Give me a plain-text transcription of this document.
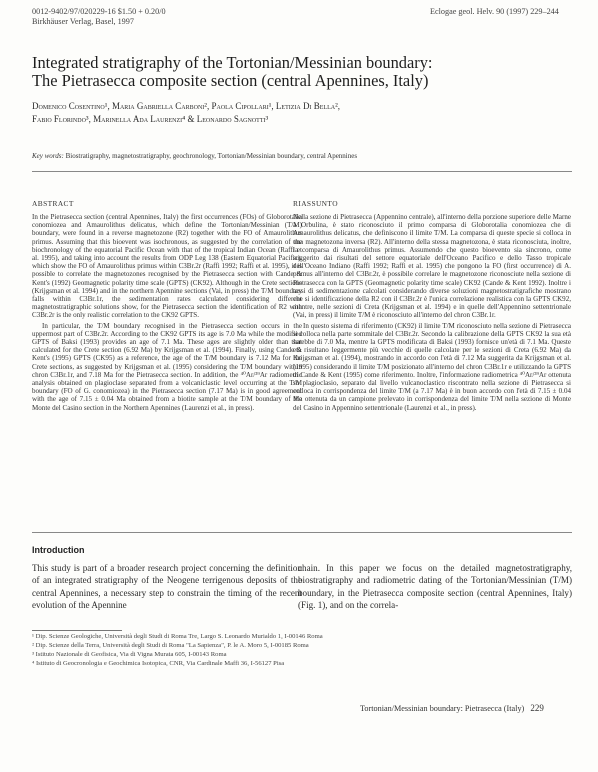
0012-9402/97/020229-16 $1.50 + 0.20/0
Birkhäuser Verlag, Basel, 1997
Eclogae geol. Helv. 90 (1997) 229–244
Integrated stratigraphy of the Tortonian/Messinian boundary:
The Pietrasecca composite section (central Apennines, Italy)
Domenico Cosentino¹, Maria Gabriella Carboni², Paola Cipollari¹, Letizia Di Bella²,
Fabio Florindo³, Marinella Ada Laurenzi⁴ & Leonardo Sagnotti³
Key words: Biostratigraphy, magnetostratigraphy, geochronology, Tortonian/Messinian boundary, central Apennines
ABSTRACT	RIASSUNTO

In the Pietrasecca section (central Apennines, Italy) the first occurrences (FOs) of Globorotalia conomiozea and Amaurolithus delicatus, which define the Tortonian/Messinian (T/M) boundary, were found in a reverse magnetozone (R2) together with the FO of Amaurolithus primus. Assuming that this bioevent was isochronous, as suggested by the correlation of the biochronology of the equatorial Pacific Ocean with that of the tropical Indian Ocean (Raffi et al. 1995), and taking into account the results from ODP Leg 138 (Eastern Equatorial Pacific), which show the FO of Amaurolithus primus within C3Br.2r (Raffi 1992; Raffi et al. 1995), it is possible to correlate the magnetozones recognised by the Pietrasecca section with Cande & Kent's (1992) Geomagnetic polarity time scale (GPTS) (CK92). Although in the Crete sections (Krijgsman et al. 1994) and in the northern Apennine sections (Vai, in press) the T/M boundary falls within C3Br.1r, the sedimentation rates calculated considering different magnetostratigraphic solutions show, for the Pietrasecca section the identification of R2 with C3Br.2r is the only realistic correlation to the CK92 GPTS.

In particular, the T/M boundary recognised in the Pietrasecca section occurs in the uppermost part of C3Br.2r. According to the CK92 GPTS its age is 7.0 Ma while the modified GPTS of Baksi (1993) provides an age of 7.1 Ma. These ages are slightly older than that calculated for the Crete section (6.92 Ma) by Krijgsman et al. (1994). Finally, using Cande & Kent's (1995) GPTS (CK95) as a reference, the age of the T/M boundary is 7.12 Ma for the Crete sections, as suggested by Krijgsman et al. (1995) considering the T/M boundary within chron C3Br.1r, and 7.18 Ma for the Pietrasecca section. In addition, the ⁴⁰Ar/³⁹Ar radiometric analysis obtained on plagioclase separated from a volcaniclastic level occurring at the T/M boundary (FO of G. conomiozea) in the Pietrasecca section (7.17 Ma) is in good agreement with the age of 7.15 ± 0.04 Ma obtained from a biotite sample at the T/M boundary of the Monte del Casino section in the Northern Apennines (Laurenzi et al., in press).

Nella sezione di Pietrasecca (Appennino centrale), all'interno della porzione superiore delle Marne a Orbulina, è stato riconosciuto il primo comparsa di Globorotalia conomiozea che di Amaurolithus delicatus, che definiscono il limite T/M. La comparsa di queste specie si colloca in una magnetozona inversa (R2). All'interno della stessa magnetozona, è stata riconosciuta, inoltre, la comparsa di Amaurolithus primus. Assumendo che questo bioevento sia sincrono, come suggerito dai risultati del settore equatoriale dell'Oceano Pacifico e dello Tasso tropicale dell'Oceano Indiano (Raffi 1992; Raffi et al. 1995) che pongono la FO (first occurrence) di A. primus all'interno del C3Br.2r, è possibile correlare le magnetozone riconosciute nella sezione di Pietrasecca con la GPTS (Geomagnetic polarity time scale) CK92 (Cande & Kent 1992). Inoltre i tassi di sedimentazione calcolati considerando diverse soluzioni magnetostratigrafiche mostrano che si identificazione della R2 con il C3Br.2r è l'unica correlazione realistica con la GPTS CK92, mentre, nelle sezioni di Creta (Krijgsman et al. 1994) e in quelle dell'Appennino settentrionale (Vai, in press) il limite T/M è riconosciuto all'interno del chron C3Br.1r.

In questo sistema di riferimento (CK92) il limite T/M riconosciuto nella sezione di Pietrasecca si colloca nella parte sommitale del C3Br.2r. Secondo la calibrazione della GPTS CK92 la sua età sarebbe di 7.0 Ma, mentre la GPTS modificata di Baksi (1993) fornisce un'età di 7.1 Ma. Queste età risultano leggermente più vecchie di quelle calcolate per le sezioni di Creta (6.92 Ma) da Krijgsman et al. (1994), mostrando in accordo con l'età di 7.12 Ma suggerita da Krijgsman et al. (1995) considerando il limite T/M posizionato all'interno del chron C3Br.1r e utilizzando la GPTS di Cande & Kent (1995) come riferimento. Inoltre, l'informazione radiometrica ⁴⁰Ar/³⁹Ar ottenuta su plagioclasio, separato dal livello vulcanoclastico riscontrato nella sezione di Pietrasecca si colloca in corrispondenza del limite T/M (a 7.17 Ma) è in buon accordo con l'età di 7.15 ± 0.04 Ma ottenuta da un campione prelevato in corrispondenza del limite T/M nella sezione di Monte del Casino in Appennino settentrionale (Laurenzi et al., in press).

Introduction
This study is part of a broader research project concerning the definition of an integrated stratigraphy of the Neogene terrigenous deposits of the central Apennines, a necessary step to constrain the timing of the recent evolution of the Apennine
chain. In this paper we focus on the detailed magnetostratigraphy, biostratigraphy and radiometric dating of the Tortonian/Messinian (T/M) boundary, in the Pietrasecca composite section (central Apennines, Italy) (Fig. 1), and on the correla-
¹ Dip. Scienze Geologiche, Università degli Studi di Roma Tre, Largo S. Leonardo Murialdo 1, I-00146 Roma
² Dip. Scienze della Terra, Università degli Studi di Roma "La Sapienza", P. le A. Moro 5, I-00185 Roma
³ Istituto Nazionale di Geofisica, Via di Vigna Murata 605, I-00143 Roma
⁴ Istituto di Geocronologia e Geochimica Isotopica, CNR, Via Cardinale Maffi 36, I-56127 Pisa
Tortonian/Messinian boundary: Pietrasecca (Italy) 229
